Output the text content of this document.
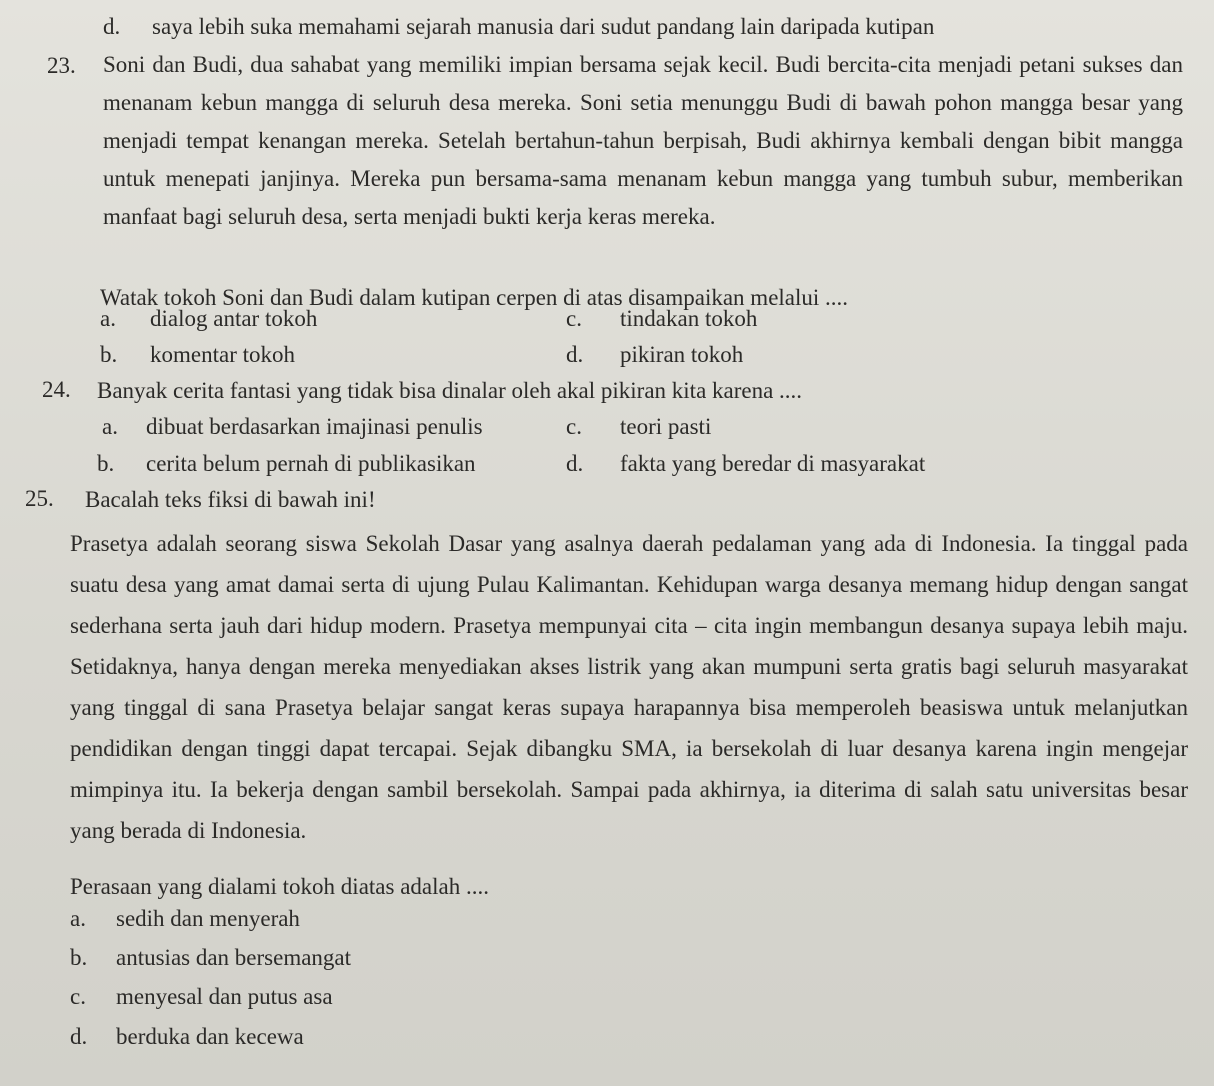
d. saya lebih suka memahami sejarah manusia dari sudut pandang lain daripada kutipan
23. Soni dan Budi, dua sahabat yang memiliki impian bersama sejak kecil. Budi bercita-cita menjadi petani sukses dan menanam kebun mangga di seluruh desa mereka. Soni setia menunggu Budi di bawah pohon mangga besar yang menjadi tempat kenangan mereka. Setelah bertahun-tahun berpisah, Budi akhirnya kembali dengan bibit mangga untuk menepati janjinya. Mereka pun bersama-sama menanam kebun mangga yang tumbuh subur, memberikan manfaat bagi seluruh desa, serta menjadi bukti kerja keras mereka.
Watak tokoh Soni dan Budi dalam kutipan cerpen di atas disampaikan melalui ....
a. dialog antar tokoh	c. tindakan tokoh
b. komentar tokoh	d. pikiran tokoh
24. Banyak cerita fantasi yang tidak bisa dinalar oleh akal pikiran kita karena ....
a. dibuat berdasarkan imajinasi penulis	c. teori pasti
b. cerita belum pernah di publikasikan	d. fakta yang beredar di masyarakat
25. Bacalah teks fiksi di bawah ini!
Prasetya adalah seorang siswa Sekolah Dasar yang asalnya daerah pedalaman yang ada di Indonesia. Ia tinggal pada suatu desa yang amat damai serta di ujung Pulau Kalimantan. Kehidupan warga desanya memang hidup dengan sangat sederhana serta jauh dari hidup modern. Prasetya mempunyai cita – cita ingin membangun desanya supaya lebih maju. Setidaknya, hanya dengan mereka menyediakan akses listrik yang akan mumpuni serta gratis bagi seluruh masyarakat yang tinggal di sana Prasetya belajar sangat keras supaya harapannya bisa memperoleh beasiswa untuk melanjutkan pendidikan dengan tinggi dapat tercapai. Sejak dibangku SMA, ia bersekolah di luar desanya karena ingin mengejar mimpinya itu. Ia bekerja dengan sambil bersekolah. Sampai pada akhirnya, ia diterima di salah satu universitas besar yang berada di Indonesia.
Perasaan yang dialami tokoh diatas adalah ....
a. sedih dan menyerah
b. antusias dan bersemangat
c. menyesal dan putus asa
d. berduka dan kecewa
